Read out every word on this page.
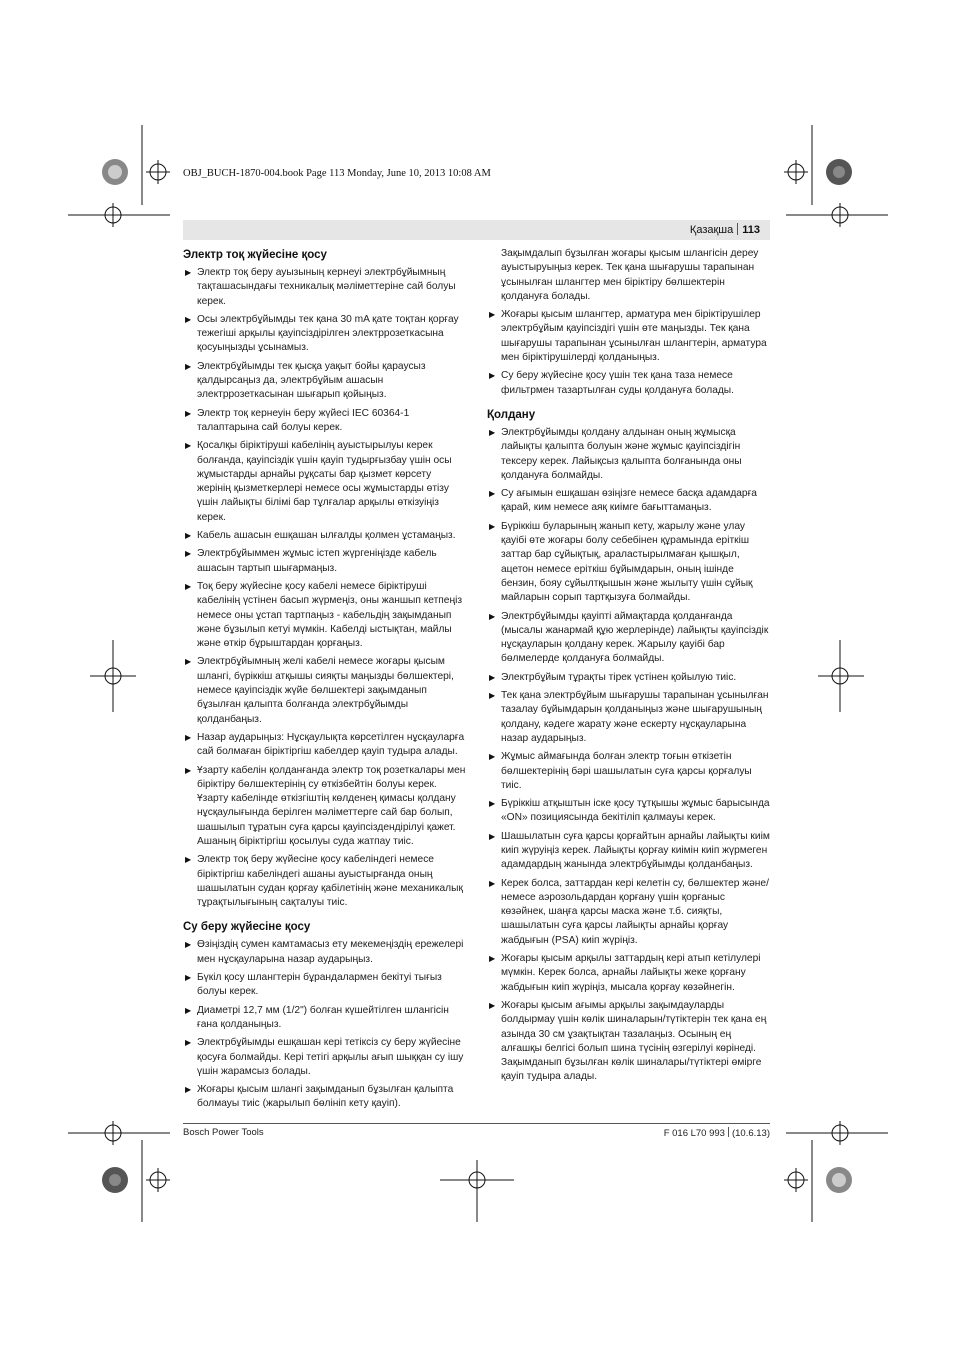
OBJ_BUCH-1870-004.book Page 113 Monday, June 10, 2013 10:08 AM
Қазақша 113
Электр тоқ жүйесіне қосу
▶ Электр тоқ беру ауызының кернеуі электрбұйымның тақташасындағы техникалық мәліметтеріне сай болуы керек.
▶ Осы электрбұйымды тек қана 30 mA қате тоқтан қорғау тежегіші арқылы қауіпсіздірілген электррозеткасына қосуыңызды ұсынамыз.
▶ Электрбұйымды тек қысқа уақыт бойы қараусыз қалдырсаңыз да, электрбұйым ашасын электррозеткасынан шығарып қойыңыз.
▶ Электр тоқ кернеуін беру жүйесі IEC 60364-1 талаптарына сай болуы керек.
▶ Қосалқы біріктіруші кабелінің ауыстырылуы керек болғанда, қауіпсіздік үшін қауіп тудырғызбау үшін осы жұмыстарды арнайы рұқсаты бар қызмет көрсету жерінің қызметкерлері немесе осы жұмыстарды өтізу үшін лайықты білімі бар тұлғалар арқылы өткізуіңіз керек.
▶ Кабель ашасын ешқашан ылғалды қолмен ұстамаңыз.
▶ Электрбұйыммен жұмыс істеп жүргеніңізде кабель ашасын тартып шығармаңыз.
▶ Тоқ беру жүйесіне қосу кабелі немесе біріктіруші кабелінің үстінен басып жүрмеңіз, оны жаншып кетпеңіз немесе оны ұстап тартпаңыз - кабельдің зақымданып және бұзылып кетуі мүмкін. Кабелді ыстықтан, майлы және өткір бұрыштардан қорғаңыз.
▶ Электрбұйымның желі кабелі немесе жоғары қысым шлангі, бүріккіш атқышы сияқты маңызды бөлшектері, немесе қауіпсіздік жүйе бөлшектері зақымданып бұзылған қалыпта болғанда электрбұйымды қолданбаңыз.
▶ Назар аударыңыз: Нұсқаулықта көрсетілген нұсқауларға сай болмаған біріктіргіш кабелдер қауіп тудыра алады.
▶ Ұзарту кабелін қолданғанда электр тоқ розеткалары мен біріктіру бөлшектерінің су өткізбейтін болуы керек. Ұзарту кабелінде өткізгіштің көлденең қимасы қолдану нұсқаулығында берілген мәліметтерге сай бар болып, шашылып тұратын суға қарсы қауіпсіздендірілуі қажет. Ашаның біріктіргіш қосылуы суда жатпау тиіс.
▶ Электр тоқ беру жүйесіне қосу кабеліндегі немесе біріктіргіш кабеліндегі ашаны ауыстырғанда оның шашылатын судан қорғау қабілетінің және механикалық тұрақтылығының сақталуы тиіс.
Су беру жүйесіне қосу
▶ Өзіңіздің сумен камтамасыз ету мекемеңіздің ережелері мен нұсқауларына назар аударыңыз.
▶ Бүкіл қосу шлангтерін бұрандалармен бекітуі тығыз болуы керек.
▶ Диаметрі 12,7 мм (1/2") болған күшейтілген шлангісін ғана қолданыңыз.
▶ Электрбұйымды ешқашан кері тетіксіз су беру жүйесіне қосуға болмайды. Кері тетігі арқылы ағып шыққан су ішу үшін жарамсыз болады.
▶ Жоғары қысым шлангі зақымданып бұзылған қалыпта болмауы тиіс (жарылып бөлініп кету қауіп).

Зақымдалып бұзылған жоғары қысым шлангісін дереу ауыстыруыңыз керек. Тек қана шығарушы тарапынан ұсынылған шлангтер мен біріктіру бөлшектерін қолдануға болады.

▶ Жоғары қысым шлангтер, арматура мен біріктірушілер электрбұйым қауіпсіздігі үшін өте маңызды. Тек қана шығарушы тарапынан ұсынылған шлангтерін, арматура мен біріктірушілерді қолданыңыз.
▶ Су беру жүйесіне қосу үшін тек қана таза немесе фильтрмен тазартылған суды қолдануға болады.
Қолдану
▶ Электрбұйымды қолдану алдынан оның жұмысқа лайықты қалыпта болуын және жұмыс қауіпсіздігін тексеру керек. Лайықсыз қалыпта болғанында оны қолдануға болмайды.
▶ Су ағымын ешқашан өзіңізге немесе басқа адамдарға қарай, ким немесе аяқ киімге бағыттамаңыз.
▶ Бүріккіш буларының жанып кету, жарылу және улау қауібі өте жоғары болу себебінен құрамында еріткіш заттар бар сұйықтық, араластырылмаған қышқыл, ацетон немесе еріткіш бұйымдарын, оның ішінде бензин, бояу сұйылтқышын және жылыту үшін сұйық майларын сорып тартқызуға болмайды.
▶ Электрбұйымды қауіпті аймақтарда қолданғанда (мысалы жанармай құю жерлерінде) лайықты қауіпсіздік нұсқауларын қолдану керек. Жарылу қауібі бар бөлмелерде қолдануға болмайды.
▶ Электрбұйым тұрақты тірек үстінен қойылую тиіс.
▶ Тек қана электрбұйым шығарушы тарапынан ұсынылған тазалау бұйымдарын қолданыңыз және шығарушының қолдану, кәдеге жарату және ескерту нұсқауларына назар аударыңыз.
▶ Жұмыс аймағында болған электр тоғын өткізетін бөлшектерінің бәрі шашылатын суға қарсы қорғалуы тиіс.
▶ Бүріккіш атқыштын іске қосу тұтқышы жұмыс барысында «ON» позициясында бекітіліп қалмауы керек.
▶ Шашылатын суға қарсы қорғайтын арнайы лайықты киім киіп жүруіңіз керек. Лайықты қорғау киімін киіп жүрмеген адамдардың жанында электрбұйымды қолданбаңыз.
▶ Керек болса, заттардан кері келетін су, бөлшектер және/немесе аэрозольдардан қорғану үшін қорғаныс көзәйнек, шаңға қарсы маска және т.б. сияқты, шашылатын суға қарсы лайықты арнайы қорғау жабдығын (PSA) киіп жүріңіз.
▶ Жоғары қысым арқылы заттардың кері атып кетілулері мүмкін. Керек болса, арнайы лайықты жеке қорғану жабдығын киіп жүріңіз, мысала қорғау көзәйнегін.
▶ Жоғары қысым ағымы арқылы зақымдауларды болдырмау үшін көлік шиналарын/түтіктерін тек қана ең азында 30 см ұзақтықтан тазалаңыз. Осының ең алғашқы белгісі болып шина түсінің өзгерілуі көрінеді. Зақымданып бұзылған көлік шиналары/түтіктері өмірге қауіп тудыра алады.
Bosch Power Tools	F 016 L70 993 (10.6.13)
